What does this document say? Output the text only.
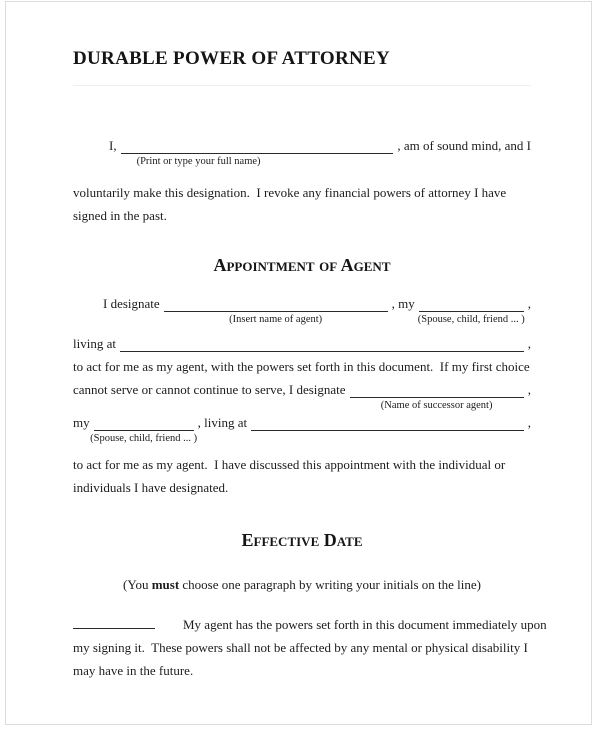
DURABLE POWER OF ATTORNEY
I,
(Print or type your full name)
, am of sound mind, and I
voluntarily make this designation.  I revoke any financial powers of attorney I have
signed in the past.
Appointment of Agent
I designate
(Insert name of agent)
, my
(Spouse, child, friend ... )
,
living at	,
to act for me as my agent, with the powers set forth in this document.  If my first choice
cannot serve or cannot continue to serve, I designate
(Name of successor agent)
,
my
(Spouse, child, friend ... )
, living at	,
to act for me as my agent.  I have discussed this appointment with the individual or
individuals I have designated.
Effective Date
(You must choose one paragraph by writing your initials on the line)
My agent has the powers set forth in this document immediately upon
my signing it.  These powers shall not be affected by any mental or physical disability I
may have in the future.
